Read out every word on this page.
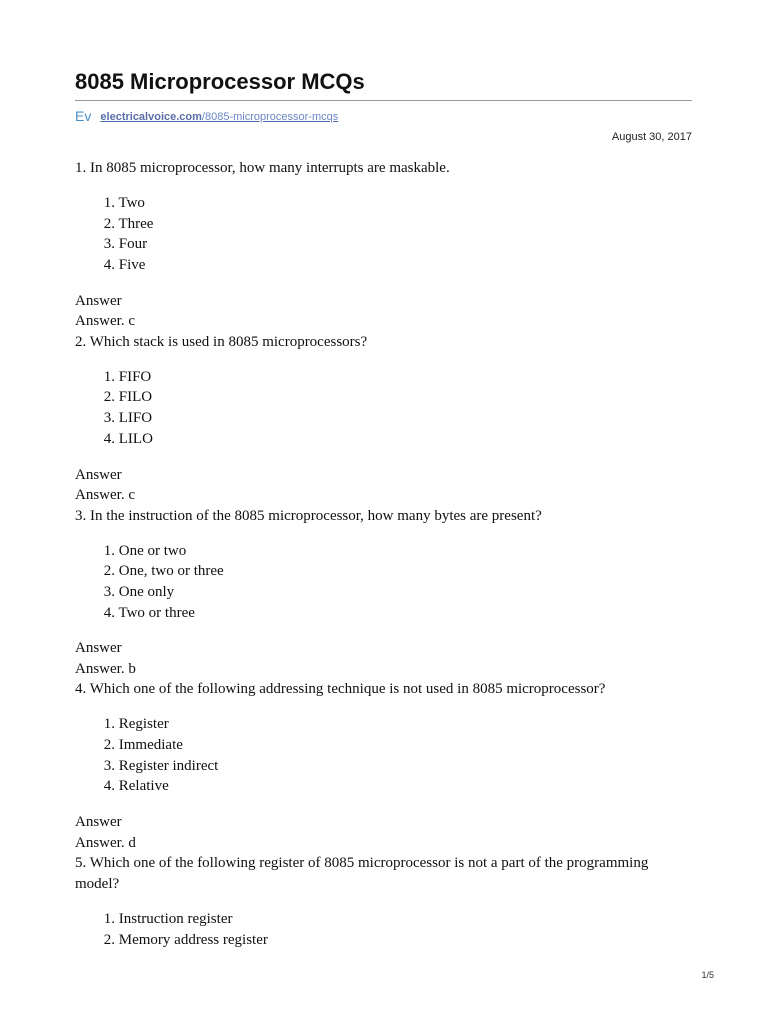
8085 Microprocessor MCQs
Ev electricalvoice.com/8085-microprocessor-mcqs
August 30, 2017

1. In 8085 microprocessor, how many interrupts are maskable.

1. Two
2. Three
3. Four
4. Five
Answer
Answer. c

2. Which stack is used in 8085 microprocessors?

1. FIFO
2. FILO
3. LIFO
4. LILO
Answer
Answer. c

3. In the instruction of the 8085 microprocessor, how many bytes are present?

1. One or two
2. One, two or three
3. One only
4. Two or three
Answer
Answer. b

4. Which one of the following addressing technique is not used in 8085 microprocessor?

1. Register
2. Immediate
3. Register indirect
4. Relative
Answer
Answer. d

5. Which one of the following register of 8085 microprocessor is not a part of the programming model?

1. Instruction register
2. Memory address register
1/5
